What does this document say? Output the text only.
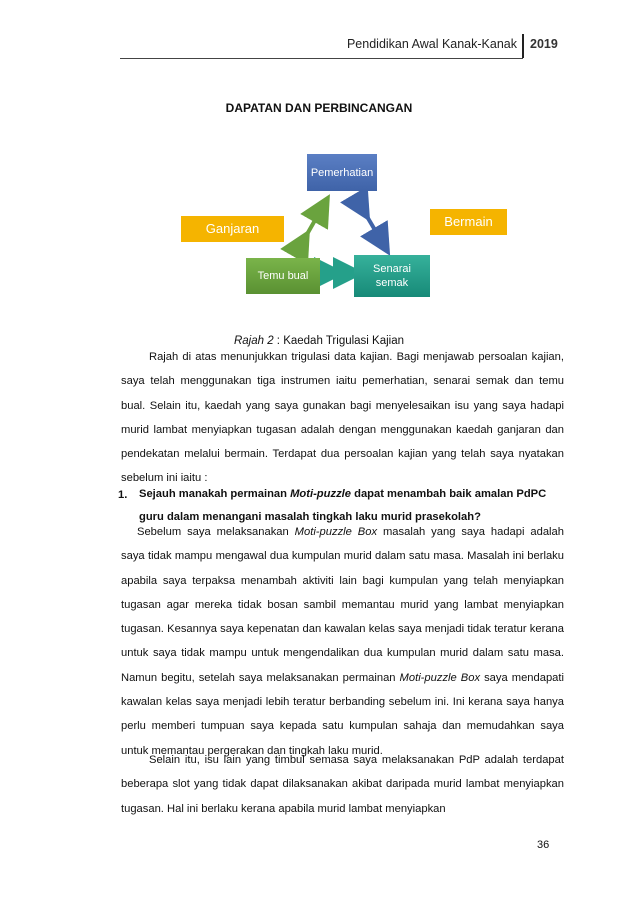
Pendidikan Awal Kanak-Kanak 2019
DAPATAN DAN PERBINCANGAN
Pemerhatian
Senarai
semak
Temu bual
Ganjaran	Bermain
Rajah 2 : Kaedah Trigulasi Kajian
Rajah di atas menunjukkan trigulasi data kajian. Bagi menjawab persoalan kajian, saya telah menggunakan tiga instrumen iaitu pemerhatian, senarai semak dan temu bual. Selain itu, kaedah yang saya gunakan bagi menyelesaikan isu yang saya hadapi murid lambat menyiapkan tugasan adalah dengan menggunakan kaedah ganjaran dan pendekatan melalui bermain. Terdapat dua persoalan kajian yang telah saya nyatakan sebelum ini iaitu :
1. Sejauh manakah permainan Moti-puzzle dapat menambah baik amalan PdPC guru dalam menangani masalah tingkah laku murid prasekolah?
Sebelum saya melaksanakan Moti-puzzle Box masalah yang saya hadapi adalah saya tidak mampu mengawal dua kumpulan murid dalam satu masa. Masalah ini berlaku apabila saya terpaksa menambah aktiviti lain bagi kumpulan yang telah menyiapkan tugasan agar mereka tidak bosan sambil memantau murid yang lambat menyiapkan tugasan. Kesannya saya kepenatan dan kawalan kelas saya menjadi tidak teratur kerana untuk saya tidak mampu untuk mengendalikan dua kumpulan murid dalam satu masa. Namun begitu, setelah saya melaksanakan permainan Moti-puzzle Box saya mendapati kawalan kelas saya menjadi lebih teratur berbanding sebelum ini. Ini kerana saya hanya perlu memberi tumpuan saya kepada satu kumpulan sahaja dan memudahkan saya untuk memantau pergerakan dan tingkah laku murid.
Selain itu, isu lain yang timbul semasa saya melaksanakan PdP adalah terdapat beberapa slot yang tidak dapat dilaksanakan akibat daripada murid lambat menyiapkan tugasan. Hal ini berlaku kerana apabila murid lambat menyiapkan
36
